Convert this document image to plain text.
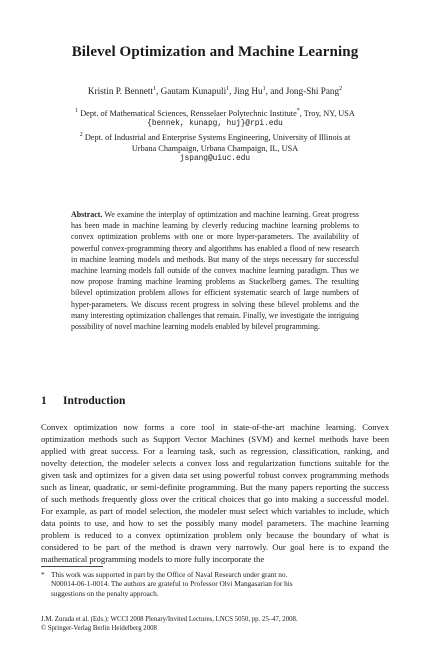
Bilevel Optimization and Machine Learning
Kristin P. Bennett$^1$, Gautam Kunapuli$^1$, Jing Hu$^1$, and Jong-Shi Pang$^2$
$^1$ Dept. of Mathematical Sciences, Rensselaer Polytechnic Institute*, Troy, NY, USA
{bennek, kunapg, huj}@rpi.edu
$^2$ Dept. of Industrial and Enterprise Systems Engineering, University of Illinois at
Urbana Champaign, Urbana Champaign, IL, USA
jspang@uiuc.edu
Abstract. We examine the interplay of optimization and machine learning. Great progress has been made in machine learning by cleverly reducing machine learning problems to convex optimization problems with one or more hyper-parameters. The availability of powerful convex-programming theory and algorithms has enabled a flood of new research in machine learning models and methods. But many of the steps necessary for successful machine learning models fall outside of the convex machine learning paradigm. Thus we now propose framing machine learning problems as Stackelberg games. The resulting bilevel optimization problem allows for efficient systematic search of large numbers of hyper-parameters. We discuss recent progress in solving these bilevel problems and the many interesting optimization challenges that remain. Finally, we investigate the intriguing possibility of novel machine learning models enabled by bilevel programming.
1 Introduction
Convex optimization now forms a core tool in state-of-the-art machine learning. Convex optimization methods such as Support Vector Machines (SVM) and kernel methods have been applied with great success. For a learning task, such as regression, classification, ranking, and novelty detection, the modeler selects a convex loss and regularization functions suitable for the given task and optimizes for a given data set using powerful robust convex programming methods such as linear, quadratic, or semi-definite programming. But the many papers reporting the success of such methods frequently gloss over the critical choices that go into making a successful model. For example, as part of model selection, the modeler must select which variables to include, which data points to use, and how to set the possibly many model parameters. The machine learning problem is reduced to a convex optimization problem only because the boundary of what is considered to be part of the method is drawn very narrowly. Our goal here is to expand the mathematical programming models to more fully incorporate the
* This work was supported in part by the Office of Naval Research under grant no.
N00014-06-1-0014. The authors are grateful to Professor Olvi Mangasarian for his
suggestions on the penalty approach.
J.M. Zurada et al. (Eds.): WCCI 2008 Plenary/Invited Lectures, LNCS 5050, pp. 25–47, 2008.
© Springer-Verlag Berlin Heidelberg 2008
